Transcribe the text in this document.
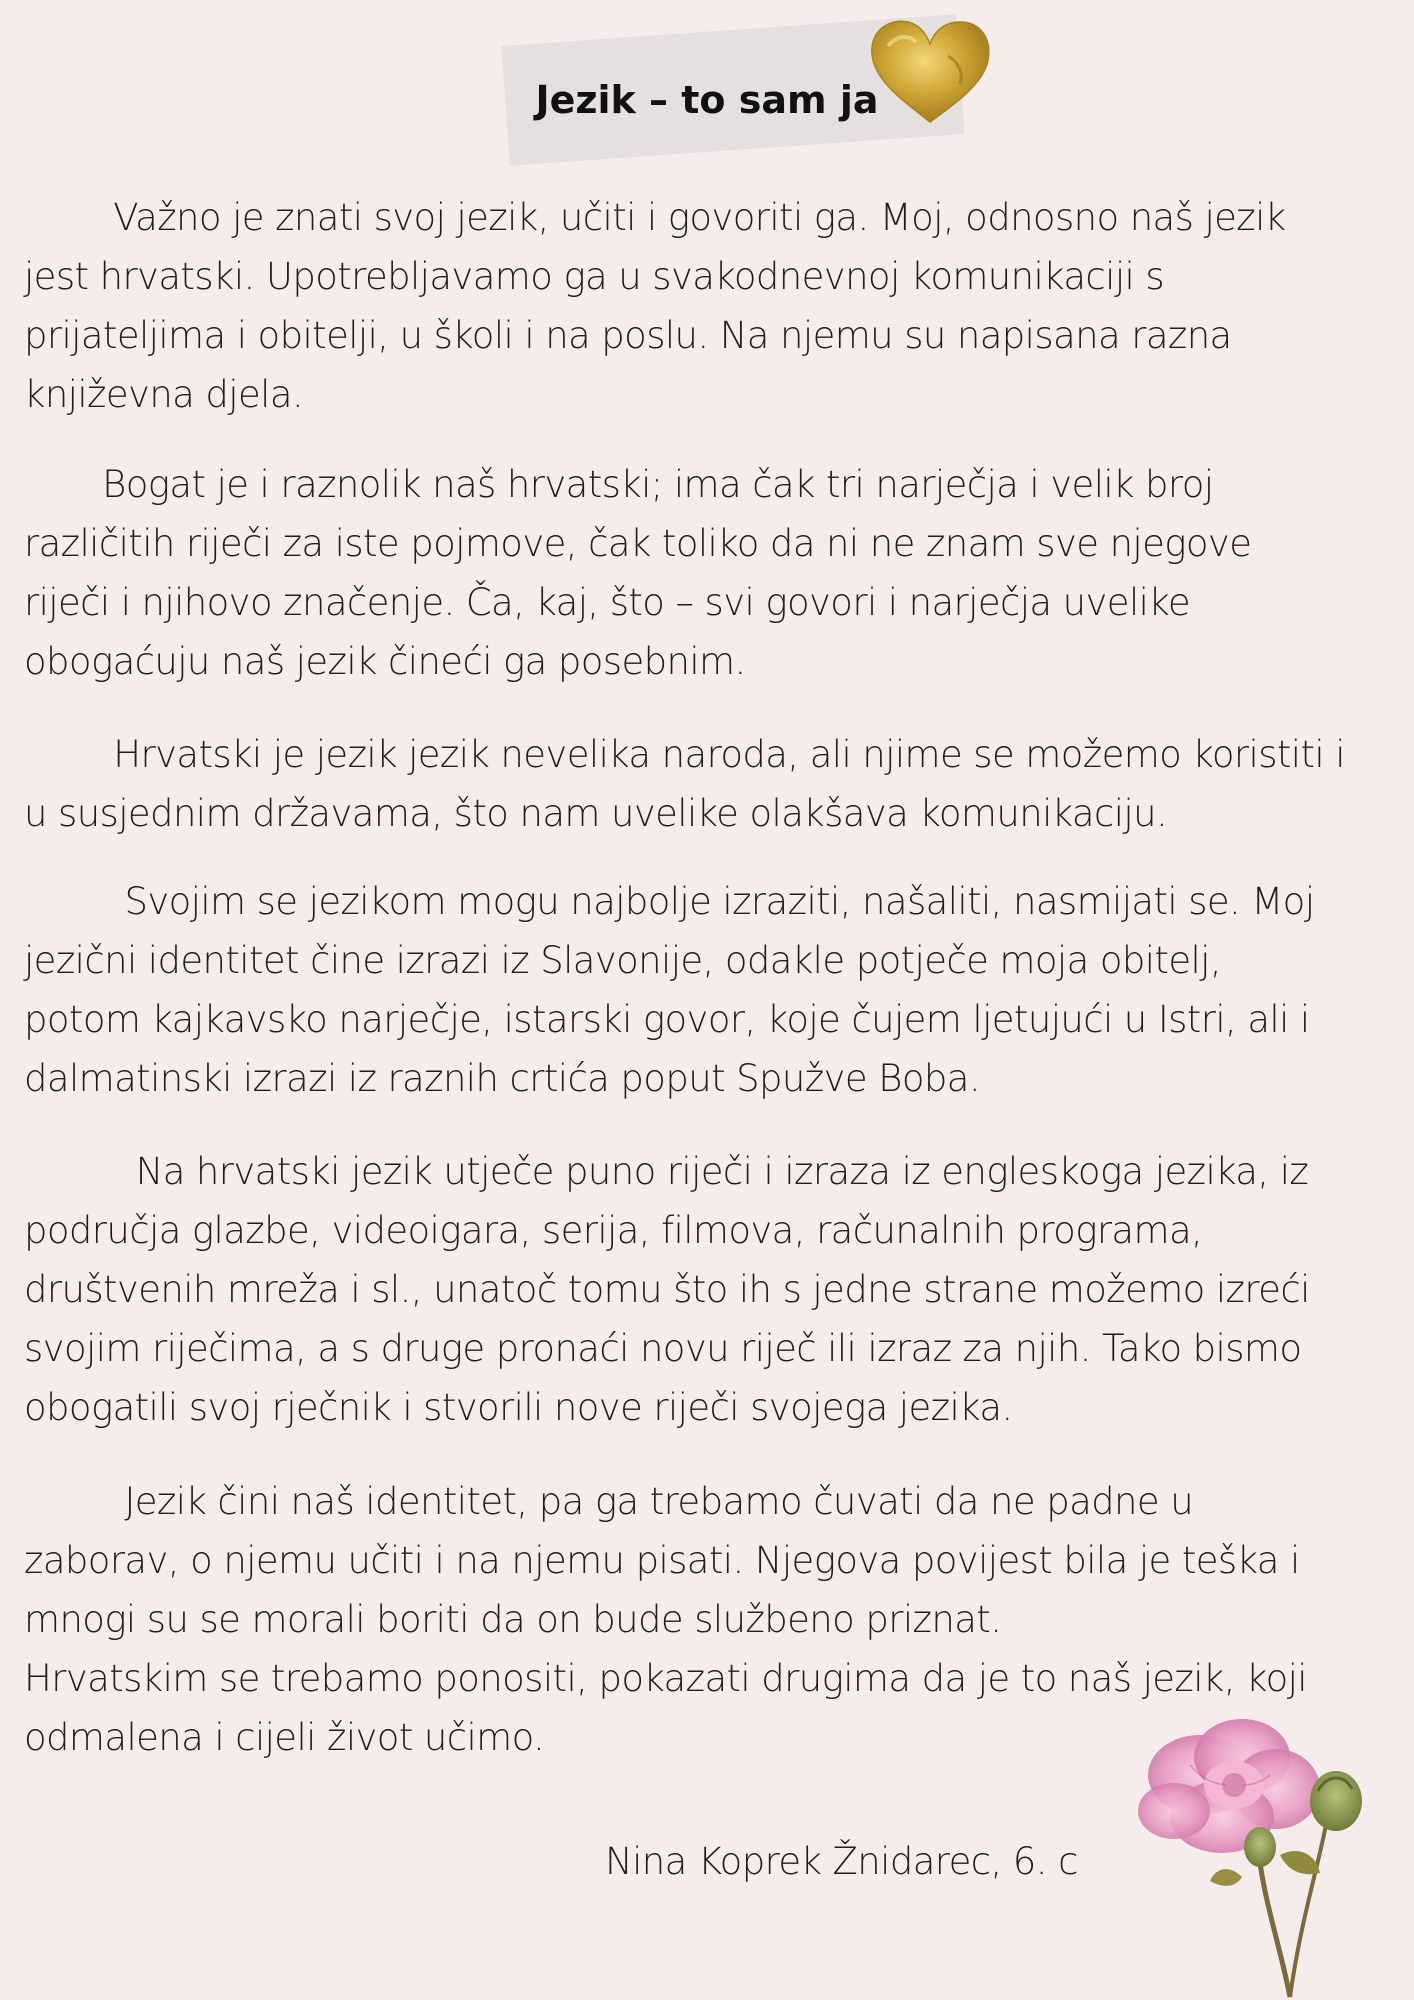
Jezik – to sam ja
Važno je znati svoj jezik, učiti i govoriti ga. Moj, odnosno naš jezik
jest hrvatski. Upotrebljavamo ga u svakodnevnoj komunikaciji s
prijateljima i obitelji, u školi i na poslu. Na njemu su napisana razna
književna djela.
Bogat je i raznolik naš hrvatski; ima čak tri narječja i velik broj
različitih riječi za iste pojmove, čak toliko da ni ne znam sve njegove
riječi i njihovo značenje. Ča, kaj, što – svi govori i narječja uvelike
obogaćuju naš jezik čineći ga posebnim.
Hrvatski je jezik jezik nevelika naroda, ali njime se možemo koristiti i
u susjednim državama, što nam uvelike olakšava komunikaciju.
Svojim se jezikom mogu najbolje izraziti, našaliti, nasmijati se. Moj
jezični identitet čine izrazi iz Slavonije, odakle potječe moja obitelj,
potom kajkavsko narječje, istarski govor, koje čujem ljetujući u Istri, ali i
dalmatinski izrazi iz raznih crtića poput Spužve Boba.
Na hrvatski jezik utječe puno riječi i izraza iz engleskoga jezika, iz
područja glazbe, videoigara, serija, filmova, računalnih programa,
društvenih mreža i sl., unatoč tomu što ih s jedne strane možemo izreći
svojim riječima, a s druge pronaći novu riječ ili izraz za njih. Tako bismo
obogatili svoj rječnik i stvorili nove riječi svojega jezika.
Jezik čini naš identitet, pa ga trebamo čuvati da ne padne u
zaborav, o njemu učiti i na njemu pisati. Njegova povijest bila je teška i
mnogi su se morali boriti da on bude službeno priznat.
Hrvatskim se trebamo ponositi, pokazati drugima da je to naš jezik, koji
odmalena i cijeli život učimo.
Nina Koprek Žnidarec, 6. c
